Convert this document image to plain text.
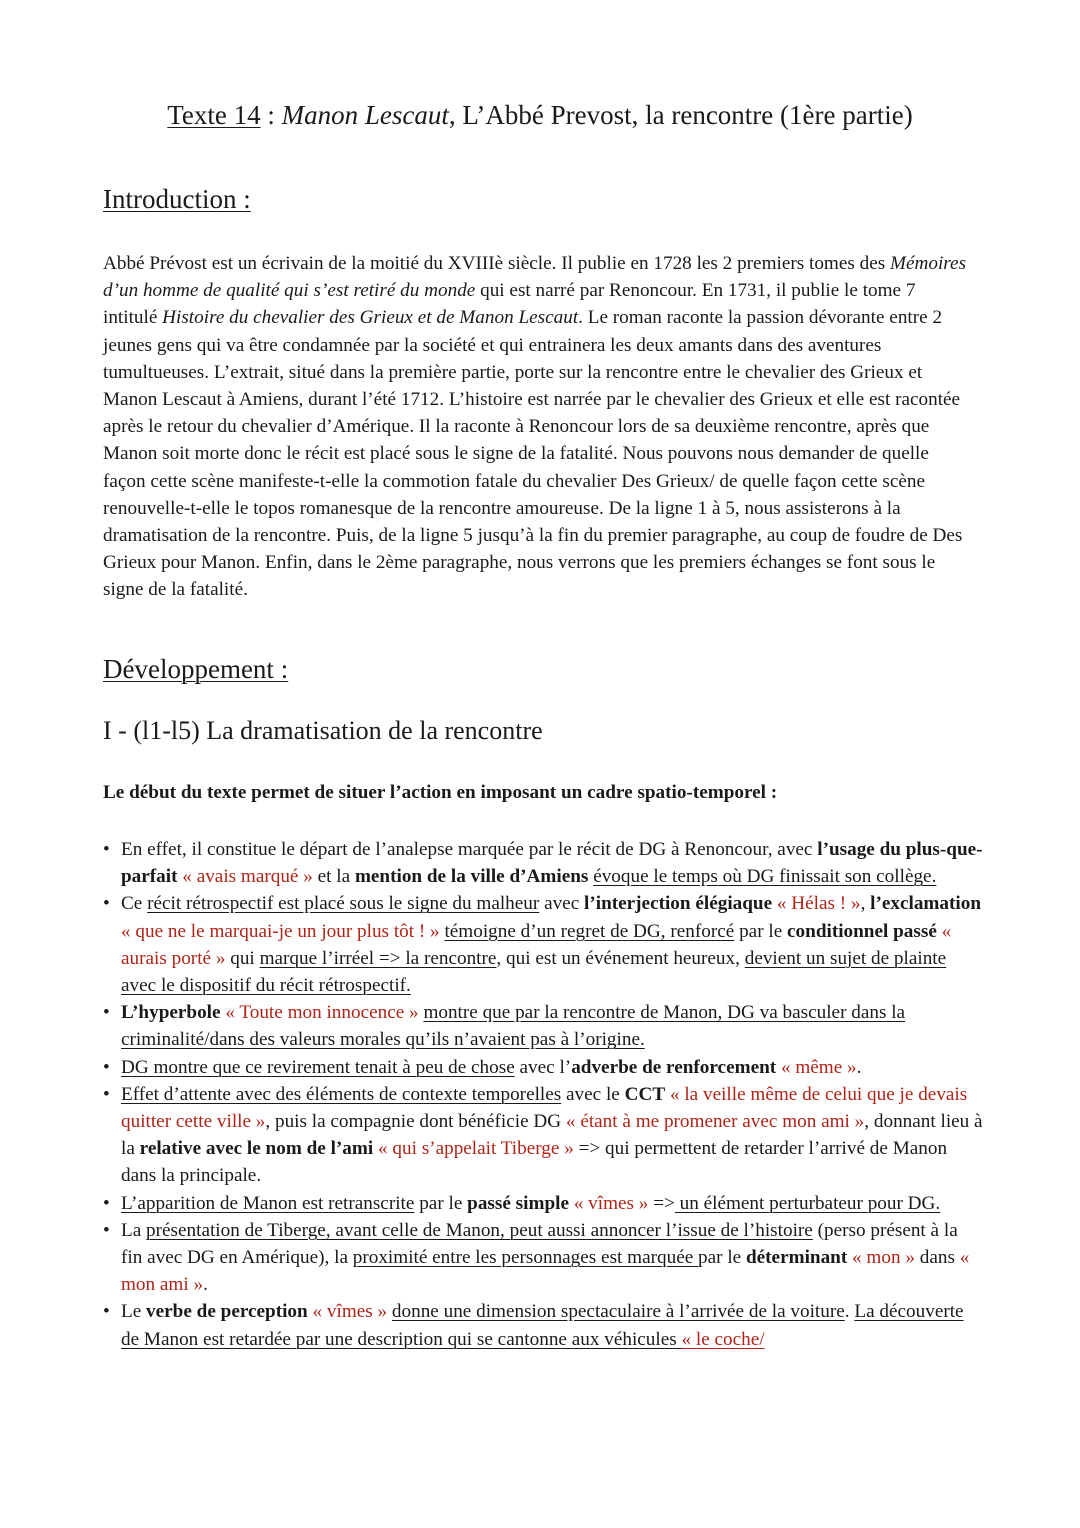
Texte 14 : Manon Lescaut, L’Abbé Prevost, la rencontre (1ère partie)
Introduction :
Abbé Prévost est un écrivain de la moitié du XVIIIè siècle. Il publie en 1728 les 2 premiers tomes des Mémoires d’un homme de qualité qui s’est retiré du monde qui est narré par Renoncour. En 1731, il publie le tome 7 intitulé Histoire du chevalier des Grieux et de Manon Lescaut. Le roman raconte la passion dévorante entre 2 jeunes gens qui va être condamnée par la société et qui entrainera les deux amants dans des aventures tumultueuses. L’extrait, situé dans la première partie, porte sur la rencontre entre le chevalier des Grieux et Manon Lescaut à Amiens, durant l’été 1712. L’histoire est narrée par le chevalier des Grieux et elle est racontée après le retour du chevalier d’Amérique. Il la raconte à Renoncour lors de sa deuxième rencontre, après que Manon soit morte donc le récit est placé sous le signe de la fatalité. Nous pouvons nous demander de quelle façon cette scène manifeste-t-elle la commotion fatale du chevalier Des Grieux/ de quelle façon cette scène renouvelle-t-elle le topos romanesque de la rencontre amoureuse. De la ligne 1 à 5, nous assisterons à la dramatisation de la rencontre. Puis, de la ligne 5 jusqu’à la fin du premier paragraphe, au coup de foudre de Des Grieux pour Manon. Enfin, dans le 2ème paragraphe, nous verrons que les premiers échanges se font sous le signe de la fatalité.
Développement :
I - (l1-l5) La dramatisation de la rencontre
Le début du texte permet de situer l’action en imposant un cadre spatio-temporel :
• En effet, il constitue le départ de l’analepse marquée par le récit de DG à Renoncour, avec l’usage du plus-que-parfait « avais marqué » et la mention de la ville d’Amiens évoque le temps où DG finissait son collège.
• Ce récit rétrospectif est placé sous le signe du malheur avec l’interjection élégiaque « Hélas ! », l’exclamation « que ne le marquai-je un jour plus tôt ! » témoigne d’un regret de DG, renforcé par le conditionnel passé « aurais porté » qui marque l’irréel => la rencontre, qui est un événement heureux, devient un sujet de plainte avec le dispositif du récit rétrospectif.
• L’hyperbole « Toute mon innocence » montre que par la rencontre de Manon, DG va basculer dans la criminalité/dans des valeurs morales qu’ils n’avaient pas à l’origine.
• DG montre que ce revirement tenait à peu de chose avec l’adverbe de renforcement « même ».
• Effet d’attente avec des éléments de contexte temporelles avec le CCT « la veille même de celui que je devais quitter cette ville », puis la compagnie dont bénéficie DG « étant à me promener avec mon ami », donnant lieu à la relative avec le nom de l’ami « qui s’appelait Tiberge » => qui permettent de retarder l’arrivé de Manon dans la principale.
• L’apparition de Manon est retranscrite par le passé simple « vîmes » => un élément perturbateur pour DG.
• La présentation de Tiberge, avant celle de Manon, peut aussi annoncer l’issue de l’histoire (perso présent à la fin avec DG en Amérique), la proximité entre les personnages est marquée par le déterminant « mon » dans « mon ami ».
• Le verbe de perception « vîmes » donne une dimension spectaculaire à l’arrivée de la voiture. La découverte de Manon est retardée par une description qui se cantonne aux véhicules « le coche/
